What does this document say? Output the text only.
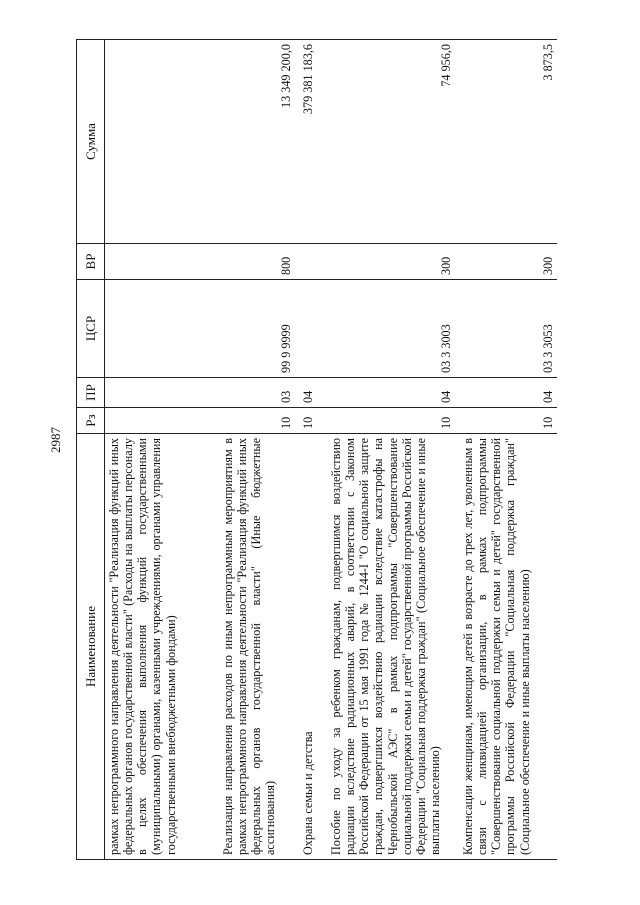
2987
Наименование	Рз	ПР	ЦСР	ВР	Сумма
рамках непрограммного направления деятельности "Реализация функций иных федеральных органов государственной власти" (Расходы на выплаты персоналу в целях обеспечения выполнения функций государственными (муниципальными) органами, казенными учреждениями, органами управления государственными внебюджетными фондами)					
Реализация направления расходов по иным непрограммным мероприятиям в рамках непрограммного направления деятельности "Реализация функций иных федеральных органов государственной власти" (Иные бюджетные ассигнования)	10	03	99 9 9999	800	13 349 200,0
Охрана семьи и детства	10	04			379 381 183,6
Пособие по уходу за ребенком гражданам, подвергшимся воздействию радиации вследствие радиационных аварий, в соответствии с Законом Российской Федерации от 15 мая 1991 года № 1244-I "О социальной защите граждан, подвергшихся воздействию радиации вследствие катастрофы на Чернобыльской АЭС" в рамках подпрограммы "Совершенствование социальной поддержки семьи и детей" государственной программы Российской Федерации "Социальная поддержка граждан" (Социальное обеспечение и иные выплаты населению)	10	04	03 3 3003	300	74 956,0
Компенсации женщинам, имеющим детей в возрасте до трех лет, уволенным в связи с ликвидацией организации, в рамках подпрограммы "Совершенствование социальной поддержки семьи и детей" государственной программы Российской Федерации "Социальная поддержка граждан" (Социальное обеспечение и иные выплаты населению)	10	04	03 3 3053	300	3 873,5
